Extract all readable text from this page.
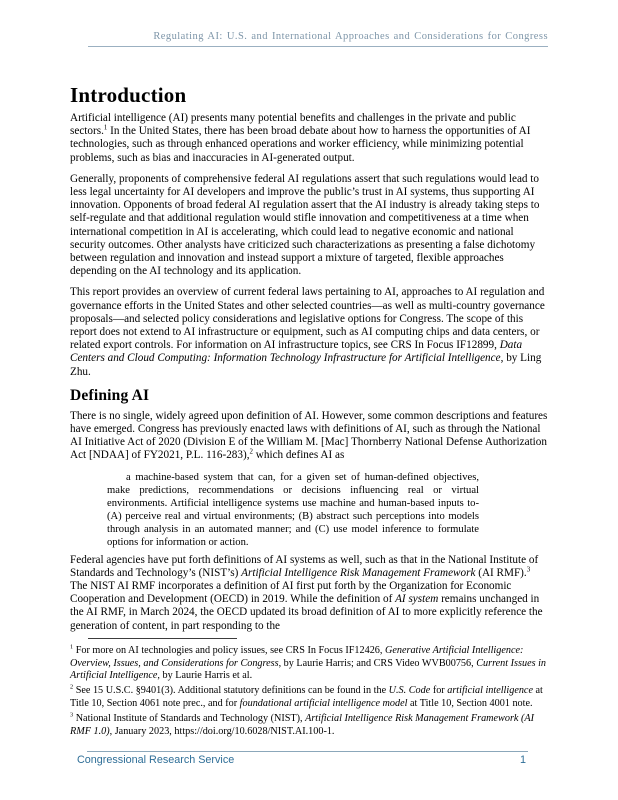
Regulating AI: U.S. and International Approaches and Considerations for Congress
Introduction

Artificial intelligence (AI) presents many potential benefits and challenges in the private and public sectors.$^1$ In the United States, there has been broad debate about how to harness the opportunities of AI technologies, such as through enhanced operations and worker efficiency, while minimizing potential problems, such as bias and inaccuracies in AI-generated output.

Generally, proponents of comprehensive federal AI regulations assert that such regulations would lead to less legal uncertainty for AI developers and improve the public’s trust in AI systems, thus supporting AI innovation. Opponents of broad federal AI regulation assert that the AI industry is already taking steps to self-regulate and that additional regulation would stifle innovation and competitiveness at a time when international competition in AI is accelerating, which could lead to negative economic and national security outcomes. Other analysts have criticized such characterizations as presenting a false dichotomy between regulation and innovation and instead support a mixture of targeted, flexible approaches depending on the AI technology and its application.

This report provides an overview of current federal laws pertaining to AI, approaches to AI regulation and governance efforts in the United States and other selected countries—as well as multi-country governance proposals—and selected policy considerations and legislative options for Congress. The scope of this report does not extend to AI infrastructure or equipment, such as AI computing chips and data centers, or related export controls. For information on AI infrastructure topics, see CRS In Focus IF12899, Data Centers and Cloud Computing: Information Technology Infrastructure for Artificial Intelligence, by Ling Zhu.

Defining AI

There is no single, widely agreed upon definition of AI. However, some common descriptions and features have emerged. Congress has previously enacted laws with definitions of AI, such as through the National AI Initiative Act of 2020 (Division E of the William M. [Mac] Thornberry National Defense Authorization Act [NDAA] of FY2021, P.L. 116-283),$^2$ which defines AI as

a machine-based system that can, for a given set of human-defined objectives, make predictions, recommendations or decisions influencing real or virtual environments. Artificial intelligence systems use machine and human-based inputs to- (A) perceive real and virtual environments; (B) abstract such perceptions into models through analysis in an automated manner; and (C) use model inference to formulate options for information or action.

Federal agencies have put forth definitions of AI systems as well, such as that in the National Institute of Standards and Technology’s (NIST’s) Artificial Intelligence Risk Management Framework (AI RMF).$^3$ The NIST AI RMF incorporates a definition of AI first put forth by the Organization for Economic Cooperation and Development (OECD) in 2019. While the definition of AI system remains unchanged in the AI RMF, in March 2024, the OECD updated its broad definition of AI to more explicitly reference the generation of content, in part responding to the

$^1$ For more on AI technologies and policy issues, see CRS In Focus IF12426, Generative Artificial Intelligence: Overview, Issues, and Considerations for Congress, by Laurie Harris; and CRS Video WVB00756, Current Issues in Artificial Intelligence, by Laurie Harris et al.

$^2$ See 15 U.S.C. §9401(3). Additional statutory definitions can be found in the U.S. Code for artificial intelligence at Title 10, Section 4061 note prec., and for foundational artificial intelligence model at Title 10, Section 4001 note.

$^3$ National Institute of Standards and Technology (NIST), Artificial Intelligence Risk Management Framework (AI RMF 1.0), January 2023, https://doi.org/10.6028/NIST.AI.100-1.

Congressional Research Service	1
